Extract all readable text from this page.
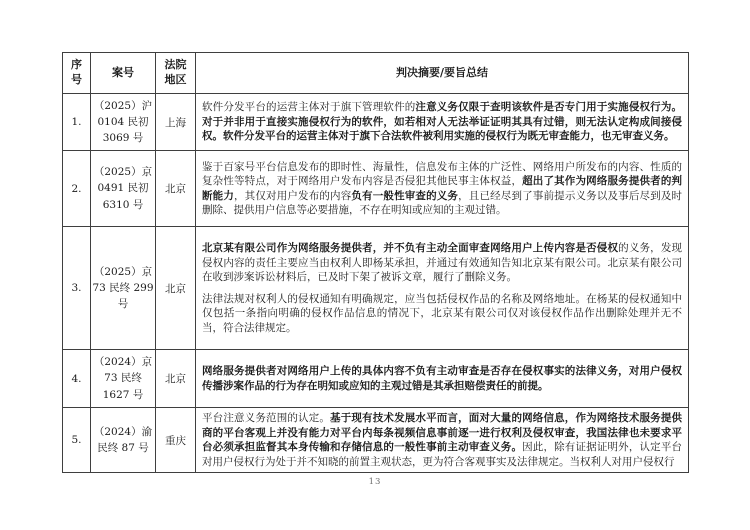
序号	案号	法院地区	判决摘要/要旨总结
1.	（2025）沪 0104 民初 3069 号	上海	软件分发平台的运营主体对于旗下管理软件的注意义务仅限于查明该软件是否专门用于实施侵权行为。对于并非用于直接实施侵权行为的软件，如若相对人无法举证证明其具有过错，则无法认定构成间接侵权。软件分发平台的运营主体对于旗下合法软件被利用实施的侵权行为既无审查能力，也无审查义务。

2.	（2025）京 0491 民初 6310 号	北京	鉴于百家号平台信息发布的即时性、海量性，信息发布主体的广泛性、网络用户所发布的内容、性质的复杂性等特点，对于网络用户发布内容是否侵犯其他民事主体权益，超出了其作为网络服务提供者的判断能力，其仅对用户发布的内容负有一般性审查的义务，且已经尽到了事前提示义务以及事后尽到及时删除、提供用户信息等必要措施，不存在明知或应知的主观过错。

3.	（2025）京 73 民终 299 号	北京	北京某有限公司作为网络服务提供者，并不负有主动全面审查网络用户上传内容是否侵权的义务，发现侵权内容的责任主要应当由权利人即杨某承担，并通过有效通知告知北京某有限公司。北京某有限公司在收到涉案诉讼材料后，已及时下架了被诉文章，履行了删除义务。

法律法规对权利人的侵权通知有明确规定，应当包括侵权作品的名称及网络地址。在杨某的侵权通知中仅包括一条指向明确的侵权作品信息的情况下，北京某有限公司仅对该侵权作品作出删除处理并无不当，符合法律规定。

4.	（2024）京 73 民终 1627 号	北京	网络服务提供者对网络用户上传的具体内容不负有主动审查是否存在侵权事实的法律义务，对用户侵权传播涉案作品的行为存在明知或应知的主观过错是其承担赔偿责任的前提。

5.	（2024）渝民终 87 号	重庆	平台注意义务范围的认定。基于现有技术发展水平而言，面对大量的网络信息，作为网络技术服务提供商的平台客观上并没有能力对平台内每条视频信息事前逐一进行权利及侵权审查，我国法律也未要求平台必须承担监督其本身传输和存储信息的一般性事前主动审查义务。因此，除有证据证明外，认定平台对用户侵权行为处于并不知晓的前置主观状态，更为符合客观事实及法律规定。当权利人对用户侵权行

13
